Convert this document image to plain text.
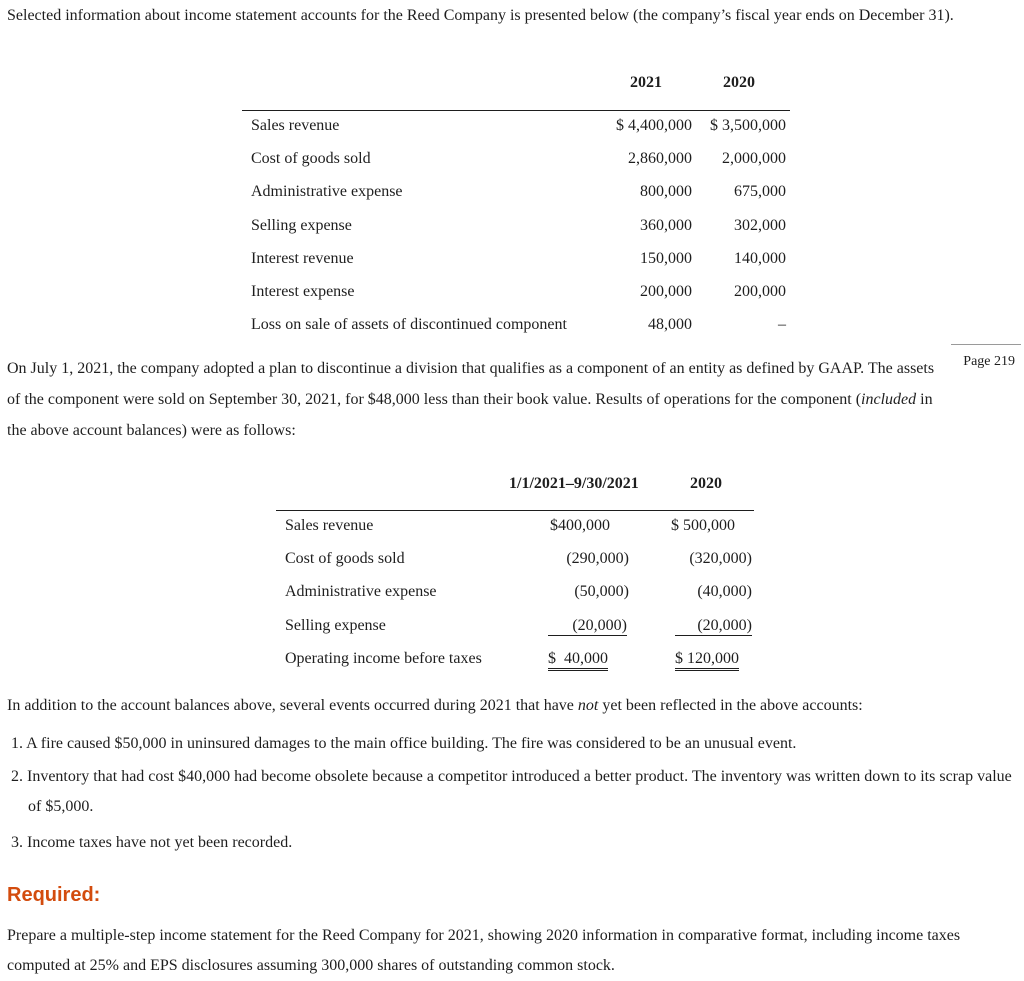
Selected information about income statement accounts for the Reed Company is presented below (the company’s fiscal year ends on December 31).

2021	2020
Sales revenue	$ 4,400,000	$ 3,500,000
Cost of goods sold	2,860,000	2,000,000
Administrative expense	800,000	675,000
Selling expense	360,000	302,000
Interest revenue	150,000	140,000
Interest expense	200,000	200,000
Loss on sale of assets of discontinued component	48,000	–
Page 219

On July 1, 2021, the company adopted a plan to discontinue a division that qualifies as a component of an entity as defined by GAAP. The assets of the component were sold on September 30, 2021, for $48,000 less than their book value. Results of operations for the component (included in the above account balances) were as follows:

1/1/2021–9/30/2021	2020
Sales revenue	$400,000	$ 500,000
Cost of goods sold	(290,000)	(320,000)
Administrative expense	(50,000)	(40,000)
Selling expense	(20,000)	(20,000)
Operating income before taxes	$  40,000	$ 120,000

In addition to the account balances above, several events occurred during 2021 that have not yet been reflected in the above accounts:

1. A fire caused $50,000 in uninsured damages to the main office building. The fire was considered to be an unusual event.
2. Inventory that had cost $40,000 had become obsolete because a competitor introduced a better product. The inventory was written down to its scrap value of $5,000.
3. Income taxes have not yet been recorded.
Required:

Prepare a multiple-step income statement for the Reed Company for 2021, showing 2020 information in comparative format, including income taxes computed at 25% and EPS disclosures assuming 300,000 shares of outstanding common stock.
